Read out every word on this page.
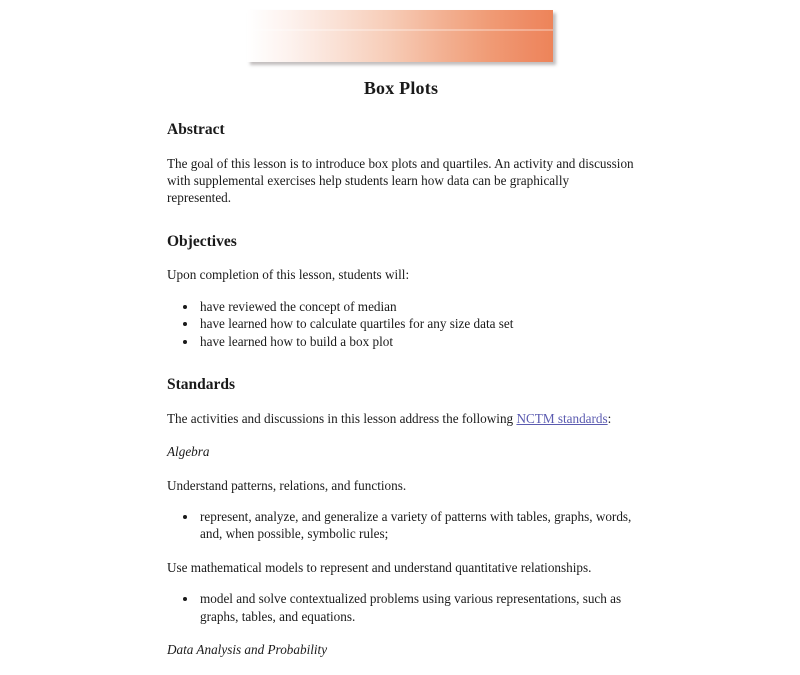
Box Plots
Abstract

The goal of this lesson is to introduce box plots and quartiles. An activity and discussion with supplemental exercises help students learn how data can be graphically represented.

Objectives

Upon completion of this lesson, students will:

• have reviewed the concept of median
• have learned how to calculate quartiles for any size data set
• have learned how to build a box plot
Standards

The activities and discussions in this lesson address the following NCTM standards:

Algebra

Understand patterns, relations, and functions.

• represent, analyze, and generalize a variety of patterns with tables, graphs, words, and, when possible, symbolic rules;

Use mathematical models to represent and understand quantitative relationships.

• model and solve contextualized problems using various representations, such as graphs, tables, and equations.

Data Analysis and Probability
